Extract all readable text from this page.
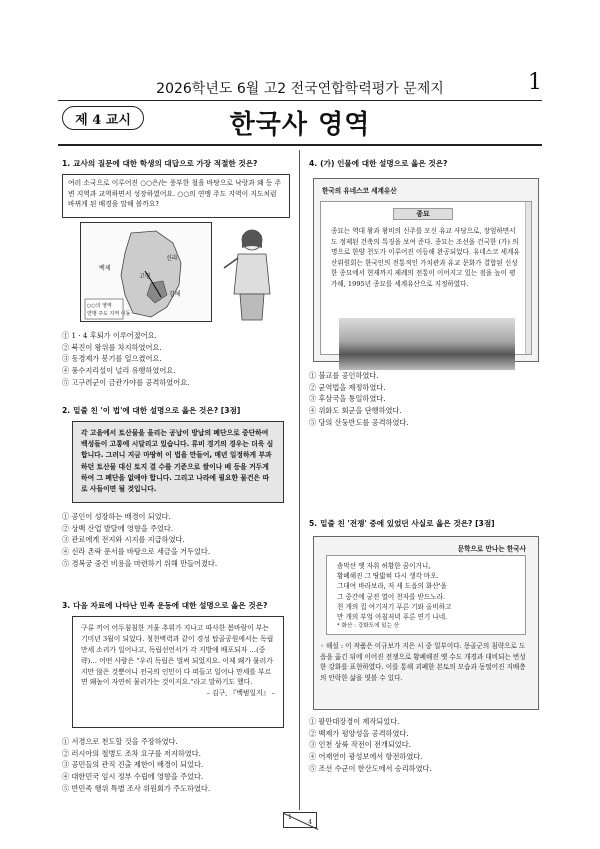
2026학년도 6월 고2 전국연합학력평가 문제지	1
제 4 교시	한국사 영역
1. 교사의 질문에 대한 학생의 대답으로 가장 적절한 것은?
여러 소국으로 이루어진 ○○은/는 풍부한 철을 바탕으로 낙랑과 왜 등 주변 지역과 교역하면서 성장하였어요. ○○의 연맹 주도 지역이 지도처럼 바뀌게 된 배경을 말해 볼까요?
백제
신라
고령
김해
○○의 영역
연맹 주도 지역 이동
① 1 · 4 후퇴가 이루어졌어요.
② 북진이 왕위를 차지하였어요.
③ 동경제가 봉기를 일으켰어요.
④ 풍수지리설이 널리 유행하였어요.
⑤ 고구려군이 금관가야를 공격하였어요.
2. 밑줄 친 '이 법'에 대한 설명으로 옳은 것은? [3점]
각 고을에서 토산물을 올리는 공납이 방납의 폐단으로 중단하여 백성들이 고통에 시달리고 있습니다. 류비 경기의 경우는 더욱 심합니다. 그러니 지금 마땅히 이 법을 만들어, 매년 일정하게 부과하던 토산물 대신 토지 결 수를 기준으로 쌀이나 베 등을 거두게 하여 그 폐단을 없애야 합니다. 그리고 나라에 필요한 물건은 따로 사들이면 될 것입니다.
① 공인이 성장하는 배경이 되었다.
② 상백 산업 발달에 영향을 주었다.
③ 관료에게 전지와 시지를 지급하였다.
④ 신라 촌락 문서를 바탕으로 세금을 거두었다.
⑤ 경복궁 중건 비용을 마련하기 위해 만들어졌다.
3. 다음 자료에 나타난 민족 운동에 대한 설명으로 옳은 것은?
구류 끼어 어두침침한 거울 추위가 지나고 따사한 봄바람이 부는 기미년 3월이 되었다. 청천벽력과 같이 경성 탑골공원에서는 독립 만세 소리가 일어나고, 독립선언서가 각 지방에 배포되자 …(중략)… 어떤 사람은 "우리 독립은 벌써 되었지요. 이제 왜가 물러가지만 않은 것뿐이니 전국의 인민이 다 떠들고 일어나 만세를 부르면 왜놈이 자연히 물러가는 것이지요."라고 말하기도 했다.
– 김구, 『백범일지』 –
① 서경으로 천도할 것을 주장하였다.
② 러시아의 철병도 조차 요구를 저지하였다.
③ 공민들의 관직 진출 제한이 배경이 되었다.
④ 대한민국 임시 정부 수립에 영향을 주었다.
⑤ 반민족 행위 특별 조사 위원회가 주도하였다.
4. (가) 인물에 대한 설명으로 옳은 것은?
한국의 유네스코 세계유산
종묘
종묘는 역대 왕과 왕비의 신주를 모신 유교 사당으로, 장엄하면서도 정제된 건축의 특징을 보여 준다. 종묘는 조선을 건국한 (가) 의 명으로 한양 천도가 이루어진 이듬해 완공되었다. 유네스코 세계유산위원회는 한국인의 전통적인 가치관과 유교 문화가 결합된 신성한 종묘에서 현재까지 제례의 전통이 이어지고 있는 점을 높이 평가해, 1995년 종묘를 세계유산으로 지정하였다.
① 불교를 공인하였다.
② 균역법을 제정하였다.
③ 후삼국을 통일하였다.
④ 위화도 회군을 단행하였다.
⑤ 당의 산둥반도를 공격하였다.
5. 밑줄 친 '전쟁' 중에 있었던 사실로 옳은 것은? [3점]
문학으로 만나는 한국사
솜막산 옛 자취 허황한 꿈이거니,
황폐해진 그 땅밟혀 다시 생각 마오.
그대여 바라보라, 저 새 도읍의 화산'을
그 중간에 궁전 열어 천자를 받드노라.
천 개의 집 여기저기 푸른 기와 올비하고
만 개의 부엌 아침저녁 푸른 연기 나네.
* 화산 : 강화도에 있는 산
◦ 해설 : 이 작품은 이규보가 지은 시 중 일부이다. 몽골군의 침략으로 도읍을 옮긴 뒤에 이어진 전쟁으로 황폐해진 옛 수도 개경과 대비되는 번성한 강화를 표현하였다. 이를 통해 괴폐한 본토의 모습과 동떨어진 지배층의 안락한 삶을 엿볼 수 있다.
① 팔만대장경이 제작되었다.
② 백제가 평양성을 공격하였다.
③ 인천 상륙 작전이 전개되었다.
④ 어재연이 광성보에서 항전하였다.
⑤ 조선 수군이 한산도에서 승리하였다.
1
4
